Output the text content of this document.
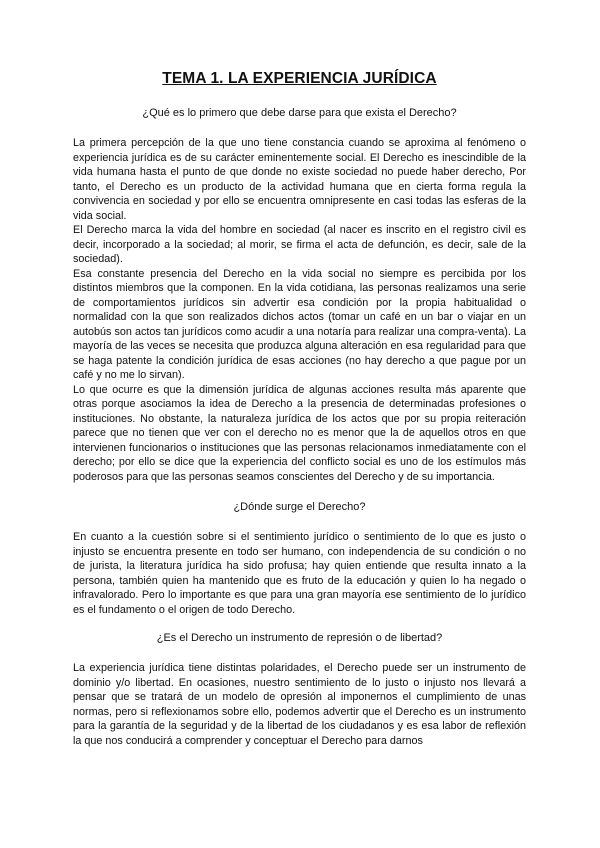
TEMA 1. LA EXPERIENCIA JURÍDICA

¿Qué es lo primero que debe darse para que exista el Derecho?

La primera percepción de la que uno tiene constancia cuando se aproxima al fenómeno o experiencia jurídica es de su carácter eminentemente social. El Derecho es inescindible de la vida humana hasta el punto de que donde no existe sociedad no puede haber derecho, Por tanto, el Derecho es un producto de la actividad humana que en cierta forma regula la convivencia en sociedad y por ello se encuentra omnipresente en casi todas las esferas de la vida social.

El Derecho marca la vida del hombre en sociedad (al nacer es inscrito en el registro civil es decir, incorporado a la sociedad; al morir, se firma el acta de defunción, es decir, sale de la sociedad).

Esa constante presencia del Derecho en la vida social no siempre es percibida por los distintos miembros que la componen. En la vida cotidiana, las personas realizamos una serie de comportamientos jurídicos sin advertir esa condición por la propia habitualidad o normalidad con la que son realizados dichos actos (tomar un café en un bar o viajar en un autobús son actos tan jurídicos como acudir a una notaría para realizar una compra-venta). La mayoría de las veces se necesita que produzca alguna alteración en esa regularidad para que se haga patente la condición jurídica de esas acciones (no hay derecho a que pague por un café y no me lo sirvan).

Lo que ocurre es que la dimensión jurídica de algunas acciones resulta más aparente que otras porque asociamos la idea de Derecho a la presencia de determinadas profesiones o instituciones. No obstante, la naturaleza jurídica de los actos que por su propia reiteración parece que no tienen que ver con el derecho no es menor que la de aquellos otros en que intervienen funcionarios o instituciones que las personas relacionamos inmediatamente con el derecho; por ello se dice que la experiencia del conflicto social es uno de los estímulos más poderosos para que las personas seamos conscientes del Derecho y de su importancia.

¿Dónde surge el Derecho?

En cuanto a la cuestión sobre si el sentimiento jurídico o sentimiento de lo que es justo o injusto se encuentra presente en todo ser humano, con independencia de su condición o no de jurista, la literatura jurídica ha sido profusa; hay quien entiende que resulta innato a la persona, también quien ha mantenido que es fruto de la educación y quien lo ha negado o infravalorado. Pero lo importante es que para una gran mayoría ese sentimiento de lo jurídico es el fundamento o el origen de todo Derecho.

¿Es el Derecho un instrumento de represión o de libertad?

La experiencia jurídica tiene distintas polaridades, el Derecho puede ser un instrumento de dominio y/o libertad. En ocasiones, nuestro sentimiento de lo justo o injusto nos llevará a pensar que se tratará de un modelo de opresión al imponernos el cumplimiento de unas normas, pero si reflexionamos sobre ello, podemos advertir que el Derecho es un instrumento para la garantía de la seguridad y de la libertad de los ciudadanos y es esa labor de reflexión la que nos conducirá a comprender y conceptuar el Derecho para darnos
